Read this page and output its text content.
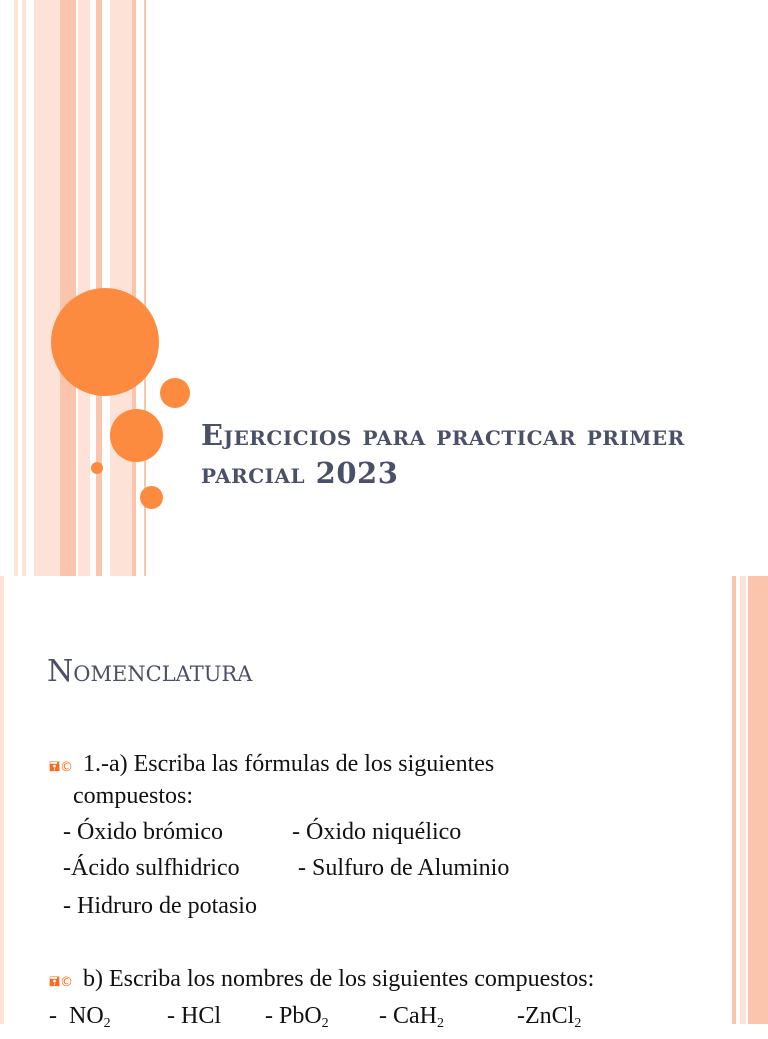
Ejercicios para practicar primer parcial 2023
Nomenclatura
🖬© 1.-a) Escriba las fórmulas de los siguientes
compuestos:
- Óxido brómico	- Óxido niquélico
-Ácido sulfhidrico - Sulfuro de Aluminio
- Hidruro de potasio
🖬© b) Escriba los nombres de los siguientes compuestos:
-  $NO_2$ - HCl - PbO$_2$ - CaH$_2$	-ZnCl$_2$
